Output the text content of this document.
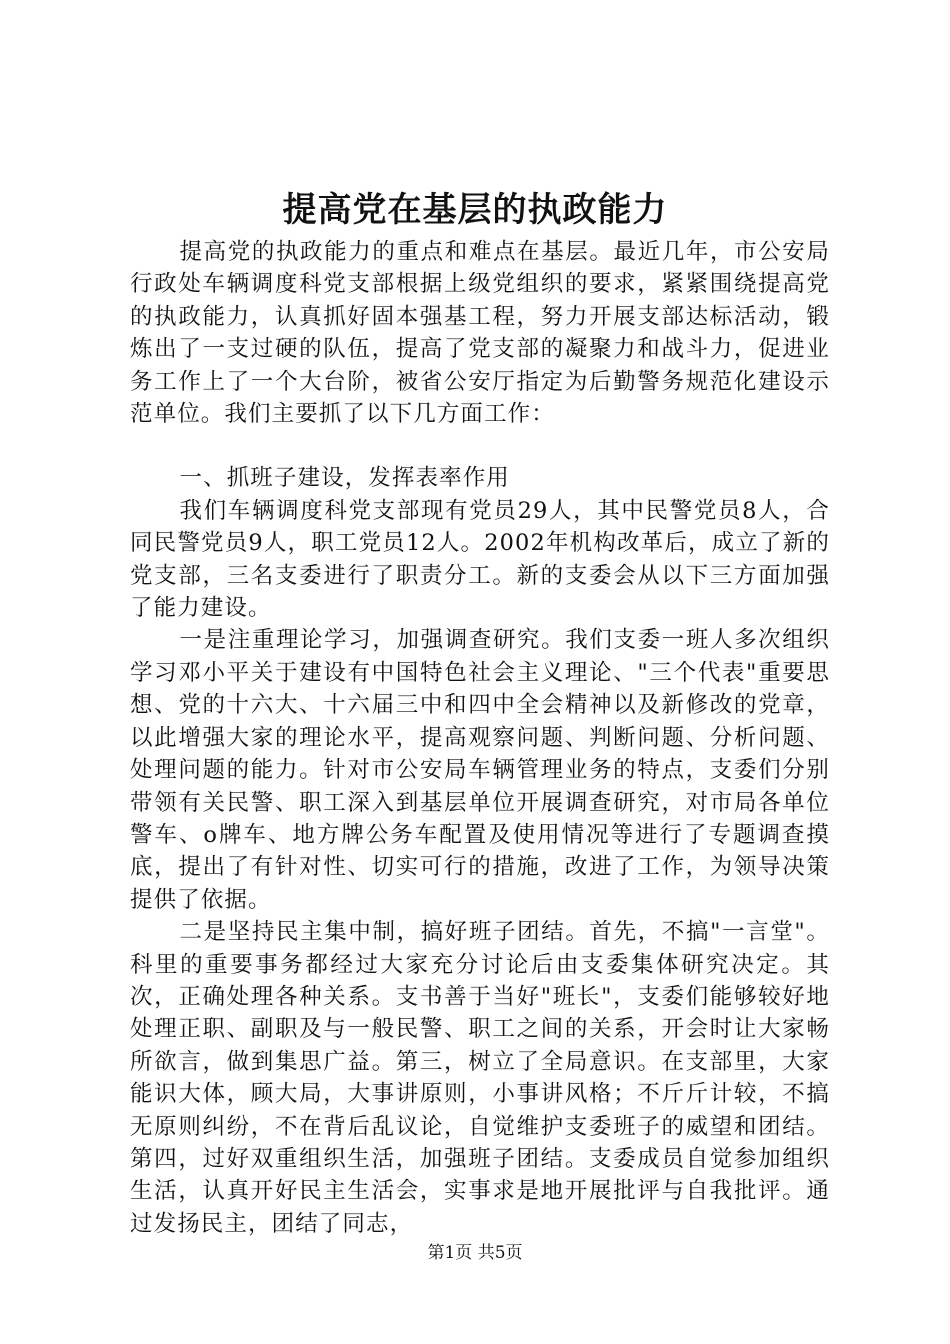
提高党在基层的执政能力

提高党的执政能力的重点和难点在基层。最近几年，市公安局行政处车辆调度科党支部根据上级党组织的要求，紧紧围绕提高党的执政能力，认真抓好固本强基工程，努力开展支部达标活动，锻炼出了一支过硬的队伍，提高了党支部的凝聚力和战斗力，促进业务工作上了一个大台阶，被省公安厅指定为后勤警务规范化建设示范单位。我们主要抓了以下几方面工作：

一、抓班子建设，发挥表率作用

我们车辆调度科党支部现有党员29人，其中民警党员8人，合同民警党员9人，职工党员12人。2002年机构改革后，成立了新的党支部，三名支委进行了职责分工。新的支委会从以下三方面加强了能力建设。

一是注重理论学习，加强调查研究。我们支委一班人多次组织学习邓小平关于建设有中国特色社会主义理论、"三个代表"重要思想、党的十六大、十六届三中和四中全会精神以及新修改的党章，以此增强大家的理论水平，提高观察问题、判断问题、分析问题、处理问题的能力。针对市公安局车辆管理业务的特点，支委们分别带领有关民警、职工深入到基层单位开展调查研究，对市局各单位警车、o牌车、地方牌公务车配置及使用情况等进行了专题调查摸底，提出了有针对性、切实可行的措施，改进了工作，为领导决策提供了依据。

二是坚持民主集中制，搞好班子团结。首先，不搞"一言堂"。科里的重要事务都经过大家充分讨论后由支委集体研究决定。其次，正确处理各种关系。支书善于当好"班长"，支委们能够较好地处理正职、副职及与一般民警、职工之间的关系，开会时让大家畅所欲言，做到集思广益。第三，树立了全局意识。在支部里，大家能识大体，顾大局，大事讲原则，小事讲风格；不斤斤计较，不搞无原则纠纷，不在背后乱议论，自觉维护支委班子的威望和团结。第四，过好双重组织生活，加强班子团结。支委成员自觉参加组织生活，认真开好民主生活会，实事求是地开展批评与自我批评。通过发扬民主，团结了同志，

第1页 共5页
